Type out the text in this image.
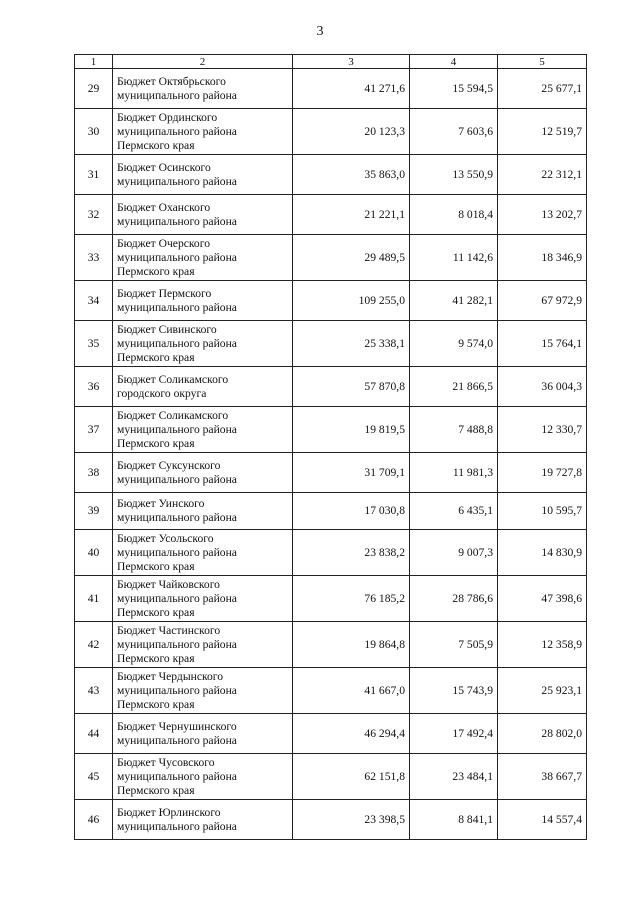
3
1	2	3	4	5
29	Бюджет Октябрьского
муниципального района	41 271,6	15 594,5	25 677,1
30	Бюджет Ординского
муниципального района
Пермского края	20 123,3	7 603,6	12 519,7
31	Бюджет Осинского
муниципального района	35 863,0	13 550,9	22 312,1
32	Бюджет Оханского
муниципального района	21 221,1	8 018,4	13 202,7
33	Бюджет Очерского
муниципального района
Пермского края	29 489,5	11 142,6	18 346,9
34	Бюджет Пермского
муниципального района	109 255,0	41 282,1	67 972,9
35	Бюджет Сивинского
муниципального района
Пермского края	25 338,1	9 574,0	15 764,1
36	Бюджет Соликамского
городского округа	57 870,8	21 866,5	36 004,3
37	Бюджет Соликамского
муниципального района
Пермского края	19 819,5	7 488,8	12 330,7
38	Бюджет Суксунского
муниципального района	31 709,1	11 981,3	19 727,8
39	Бюджет Уинского
муниципального района	17 030,8	6 435,1	10 595,7
40	Бюджет Усольского
муниципального района
Пермского края	23 838,2	9 007,3	14 830,9
41	Бюджет Чайковского
муниципального района
Пермского края	76 185,2	28 786,6	47 398,6
42	Бюджет Частинского
муниципального района
Пермского края	19 864,8	7 505,9	12 358,9
43	Бюджет Чердынского
муниципального района
Пермского края	41 667,0	15 743,9	25 923,1
44	Бюджет Чернушинского
муниципального района	46 294,4	17 492,4	28 802,0
45	Бюджет Чусовского
муниципального района
Пермского края	62 151,8	23 484,1	38 667,7
46	Бюджет Юрлинского
муниципального района	23 398,5	8 841,1	14 557,4
